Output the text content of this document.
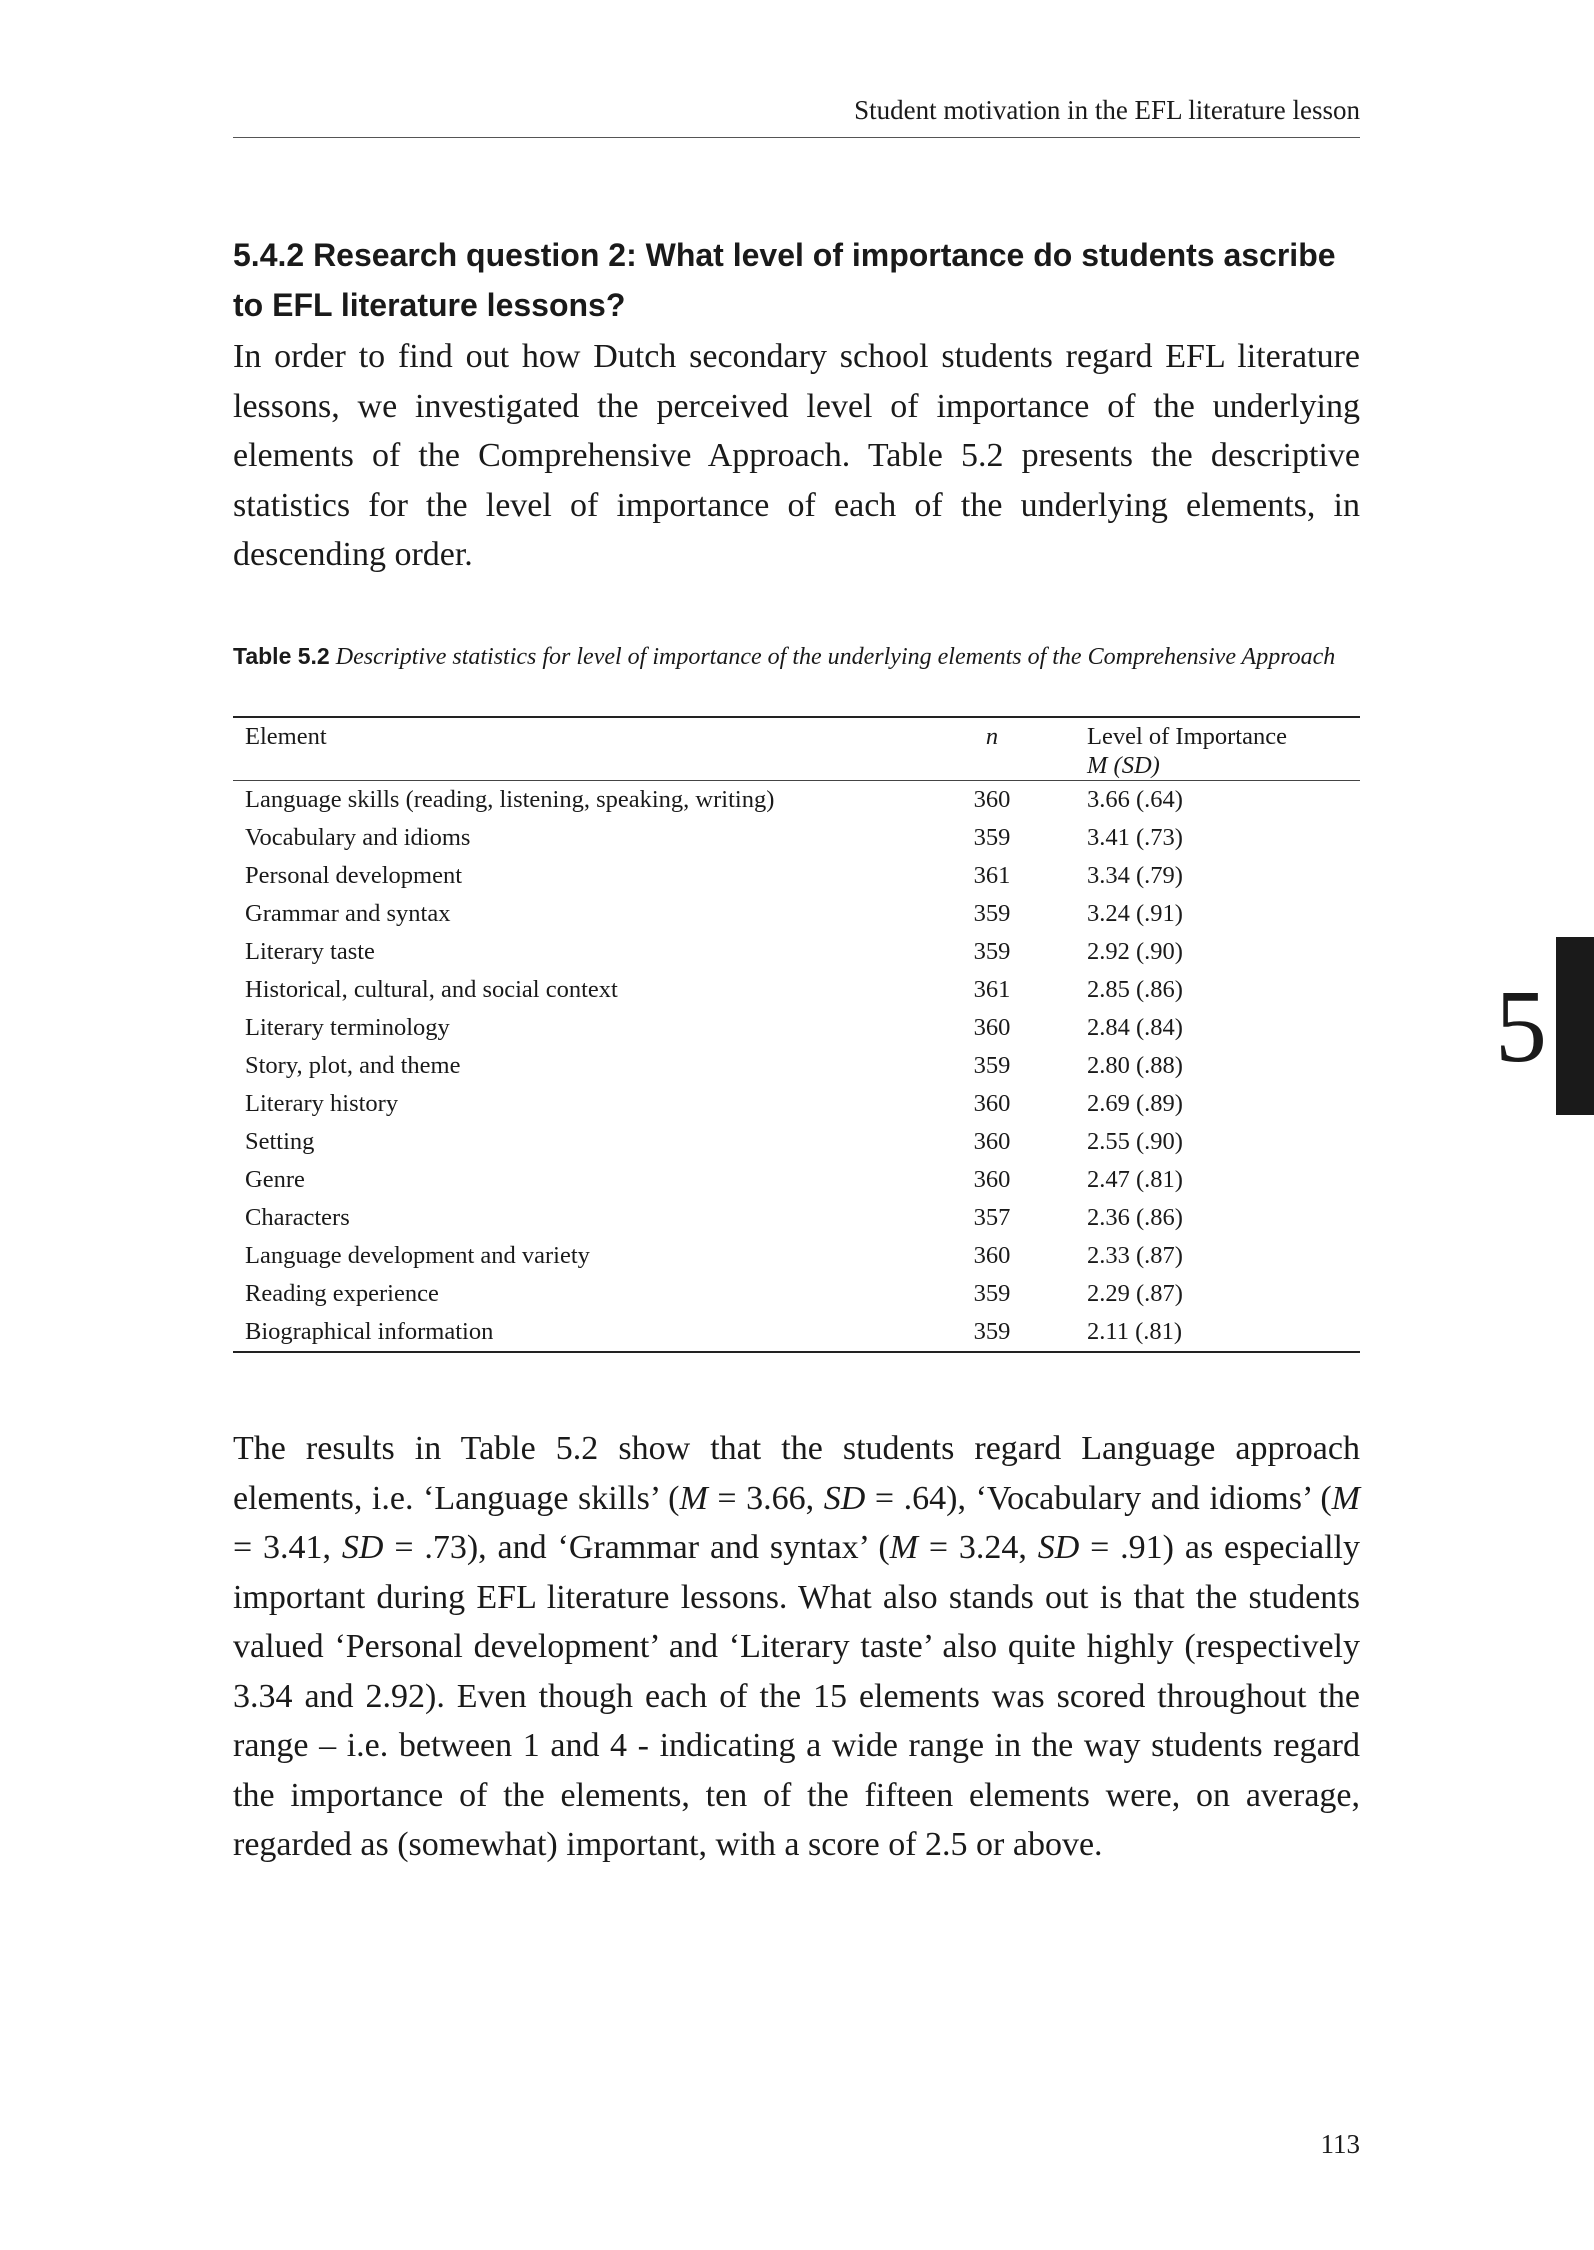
Student motivation in the EFL literature lesson
5.4.2 Research question 2: What level of importance do students ascribe to EFL literature lessons?

In order to find out how Dutch secondary school students regard EFL literature lessons, we investigated the perceived level of importance of the underlying elements of the Comprehensive Approach. Table 5.2 presents the descriptive statistics for the level of importance of each of the underlying elements, in descending order.

Table 5.2 Descriptive statistics for level of importance of the underlying elements of the Comprehensive Approach

Element	n	Level of Importance
M (SD)

Language skills (reading, listening, speaking, writing)	360	3.66 (.64)
Vocabulary and idioms	359	3.41 (.73)
Personal development	361	3.34 (.79)
Grammar and syntax	359	3.24 (.91)
Literary taste	359	2.92 (.90)
Historical, cultural, and social context	361	2.85 (.86)
Literary terminology	360	2.84 (.84)
Story, plot, and theme	359	2.80 (.88)
Literary history	360	2.69 (.89)
Setting	360	2.55 (.90)
Genre	360	2.47 (.81)
Characters	357	2.36 (.86)
Language development and variety	360	2.33 (.87)
Reading experience	359	2.29 (.87)
Biographical information	359	2.11 (.81)

The results in Table 5.2 show that the students regard Language approach elements, i.e. ‘Language skills’ (M = 3.66, SD = .64), ‘Vocabulary and idioms’ (M = 3.41, SD = .73), and ‘Grammar and syntax’ (M = 3.24, SD = .91) as especially important during EFL literature lessons. What also stands out is that the students valued ‘Personal development’ and ‘Literary taste’ also quite highly (respectively 3.34 and 2.92). Even though each of the 15 elements was scored throughout the range – i.e. between 1 and 4 - indicating a wide range in the way students regard the importance of the elements, ten of the fifteen elements were, on average, regarded as (somewhat) important, with a score of 2.5 or above.

5
113
